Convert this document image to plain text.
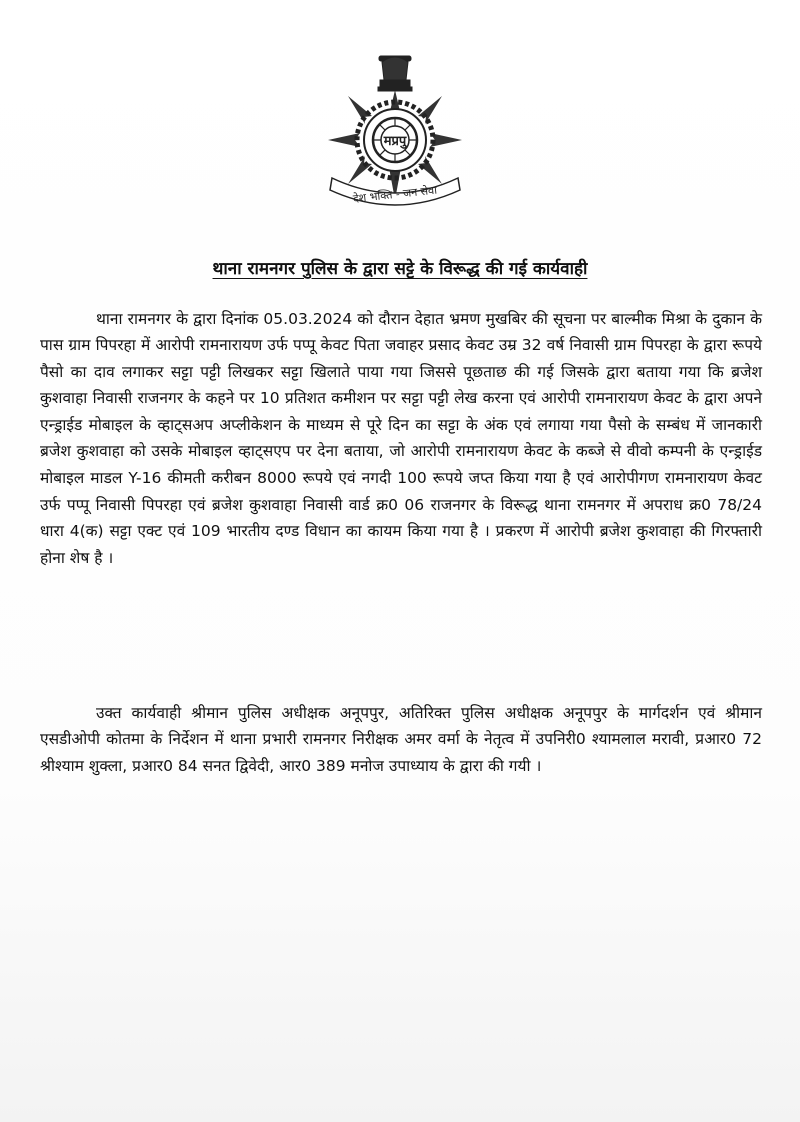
मप्रपु
देश भक्ति - जन सेवा
थाना रामनगर पुलिस के द्वारा सट्टे के विरूद्ध की गई कार्यवाही

थाना रामनगर के द्वारा दिनांक 05.03.2024 को दौरान देहात भ्रमण मुखबिर की सूचना पर बाल्मीक मिश्रा के दुकान के पास ग्राम पिपरहा में आरोपी रामनारायण उर्फ पप्पू केवट पिता जवाहर प्रसाद केवट उम्र 32 वर्ष निवासी ग्राम पिपरहा के द्वारा रूपये पैसो का दाव लगाकर सट्टा पट्टी लिखकर सट्टा खिलाते पाया गया जिससे पूछताछ की गई जिसके द्वारा बताया गया कि ब्रजेश कुशवाहा निवासी राजनगर के कहने पर 10 प्रतिशत कमीशन पर सट्टा पट्टी लेख करना एवं आरोपी रामनारायण केवट के द्वारा अपने एन्ड्राईड मोबाइल के व्हाट्सअप अप्लीकेशन के माध्यम से पूरे दिन का सट्टा के अंक एवं लगाया गया पैसो के सम्बंध में जानकारी ब्रजेश कुशवाहा को उसके मोबाइल व्हाट्सएप पर देना बताया, जो आरोपी रामनारायण केवट के कब्जे से वीवो कम्पनी के एन्ड्राईड मोबाइल माडल Y-16 कीमती करीबन 8000 रूपये एवं नगदी 100 रूपये जप्त किया गया है एवं आरोपीगण रामनारायण केवट उर्फ पप्पू निवासी पिपरहा एवं ब्रजेश कुशवाहा निवासी वार्ड क्र0 06 राजनगर के विरूद्ध थाना रामनगर में अपराध क्र0 78/24 धारा 4(क) सट्टा एक्ट एवं 109 भारतीय दण्ड विधान का कायम किया गया है । प्रकरण में आरोपी ब्रजेश कुशवाहा की गिरफ्तारी होना शेष है ।

उक्त कार्यवाही श्रीमान पुलिस अधीक्षक अनूपपुर, अतिरिक्त पुलिस अधीक्षक अनूपपुर के मार्गदर्शन एवं श्रीमान एसडीओपी कोतमा के निर्देशन में थाना प्रभारी रामनगर निरीक्षक अमर वर्मा के नेतृत्व में उपनिरी0 श्यामलाल मरावी, प्रआर0 72 श्रीश्याम शुक्ला, प्रआर0 84 सनत द्विवेदी, आर0 389 मनोज उपाध्याय के द्वारा की गयी ।
